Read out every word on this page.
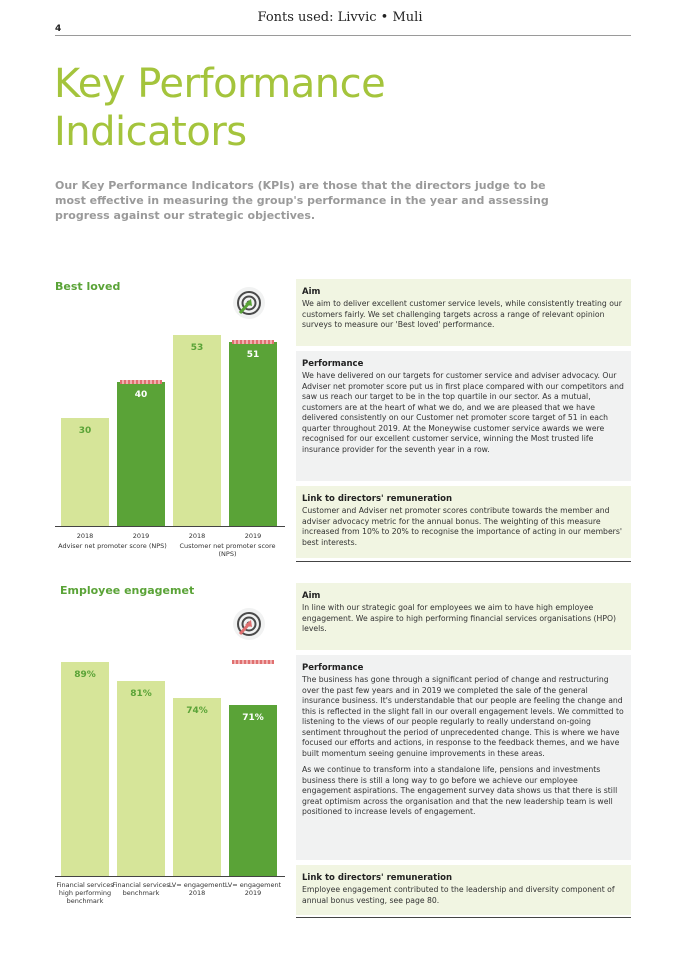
Fonts used: Livvic • Muli
4
Key Performance
Indicators
Our Key Performance Indicators (KPIs) are those that the directors judge to be most effective in measuring the group's performance in the year and assessing progress against our strategic objectives.
Best loved
30
2018
40
2019
53
2018
51
2019
Adviser net promoter score (NPS)	Customer net promoter score (NPS)
Aim

We aim to deliver excellent customer service levels, while consistently treating our customers fairly. We set challenging targets across a range of relevant opinion surveys to measure our 'Best loved' performance.

Performance

We have delivered on our targets for customer service and adviser advocacy. Our Adviser net promoter score put us in first place compared with our competitors and saw us reach our target to be in the top quartile in our sector. As a mutual, customers are at the heart of what we do, and we are pleased that we have delivered consistently on our Customer net promoter score target of 51 in each quarter throughout 2019. At the Moneywise customer service awards we were recognised for our excellent customer service, winning the Most trusted life insurance provider for the seventh year in a row.

Link to directors' remuneration

Customer and Adviser net promoter scores contribute towards the member and adviser advocacy metric for the annual bonus. The weighting of this measure increased from 10% to 20% to recognise the importance of acting in our members' best interests.

Employee engagemet
89%
Financial services high performing benchmark
81%
Financial services benchmark
74%
LV= engagement 2018
71%
LV= engagement 2019
Aim

In line with our strategic goal for employees we aim to have high employee engagement. We aspire to high performing financial services organisations (HPO) levels.

Performance

The business has gone through a significant period of change and restructuring over the past few years and in 2019 we completed the sale of the general insurance business. It's understandable that our people are feeling the change and this is reflected in the slight fall in our overall engagement levels. We committed to listening to the views of our people regularly to really understand on-going sentiment throughout the period of unprecedented change. This is where we have focused our efforts and actions, in response to the feedback themes, and we have built momentum seeing genuine improvements in these areas.

As we continue to transform into a standalone life, pensions and investments business there is still a long way to go before we achieve our employee engagement aspirations. The engagement survey data shows us that there is still great optimism across the organisation and that the new leadership team is well positioned to increase levels of engagement.

Link to directors' remuneration

Employee engagement contributed to the leadership and diversity component of annual bonus vesting, see page 80.
